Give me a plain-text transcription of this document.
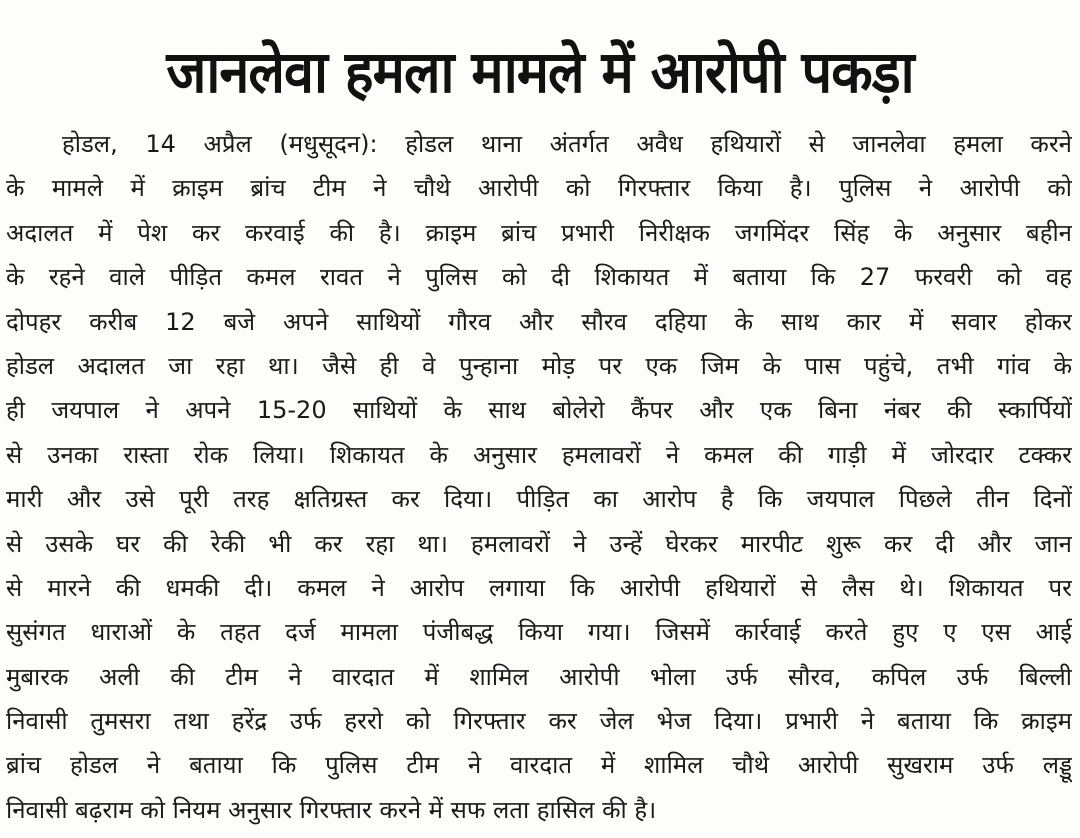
जानलेवा हमला मामले में आरोपी पकड़ा
होडल, 14 अप्रैल (मधुसूदन): होडल थाना अंतर्गत अवैध हथियारों से जानलेवा हमला करने
के मामले में क्राइम ब्रांच टीम ने चौथे आरोपी को गिरफ्तार किया है। पुलिस ने आरोपी को
अदालत में पेश कर करवाई की है। क्राइम ब्रांच प्रभारी निरीक्षक जगमिंदर सिंह के अनुसार बहीन
के रहने वाले पीड़ित कमल रावत ने पुलिस को दी शिकायत में बताया कि 27 फरवरी को वह
दोपहर करीब 12 बजे अपने साथियों गौरव और सौरव दहिया के साथ कार में सवार होकर
होडल अदालत जा रहा था। जैसे ही वे पुन्हाना मोड़ पर एक जिम के पास पहुंचे, तभी गांव के
ही जयपाल ने अपने 15-20 साथियों के साथ बोलेरो कैंपर और एक बिना नंबर की स्कार्पियों
से उनका रास्ता रोक लिया। शिकायत के अनुसार हमलावरों ने कमल की गाड़ी में जोरदार टक्कर
मारी और उसे पूरी तरह क्षतिग्रस्त कर दिया। पीड़ित का आरोप है कि जयपाल पिछले तीन दिनों
से उसके घर की रेकी भी कर रहा था। हमलावरों ने उन्हें घेरकर मारपीट शुरू कर दी और जान
से मारने की धमकी दी। कमल ने आरोप लगाया कि आरोपी हथियारों से लैस थे। शिकायत पर
सुसंगत धाराओं के तहत दर्ज मामला पंजीबद्ध किया गया। जिसमें कार्रवाई करते हुए ए एस आई
मुबारक अली की टीम ने वारदात में शामिल आरोपी भोला उर्फ सौरव, कपिल उर्फ बिल्ली
निवासी तुमसरा तथा हरेंद्र उर्फ हररो को गिरफ्तार कर जेल भेज दिया। प्रभारी ने बताया कि क्राइम
ब्रांच होडल ने बताया कि पुलिस टीम ने वारदात में शामिल चौथे आरोपी सुखराम उर्फ लड्डू
निवासी बढ़राम को नियम अनुसार गिरफ्तार करने में सफ लता हासिल की है।
